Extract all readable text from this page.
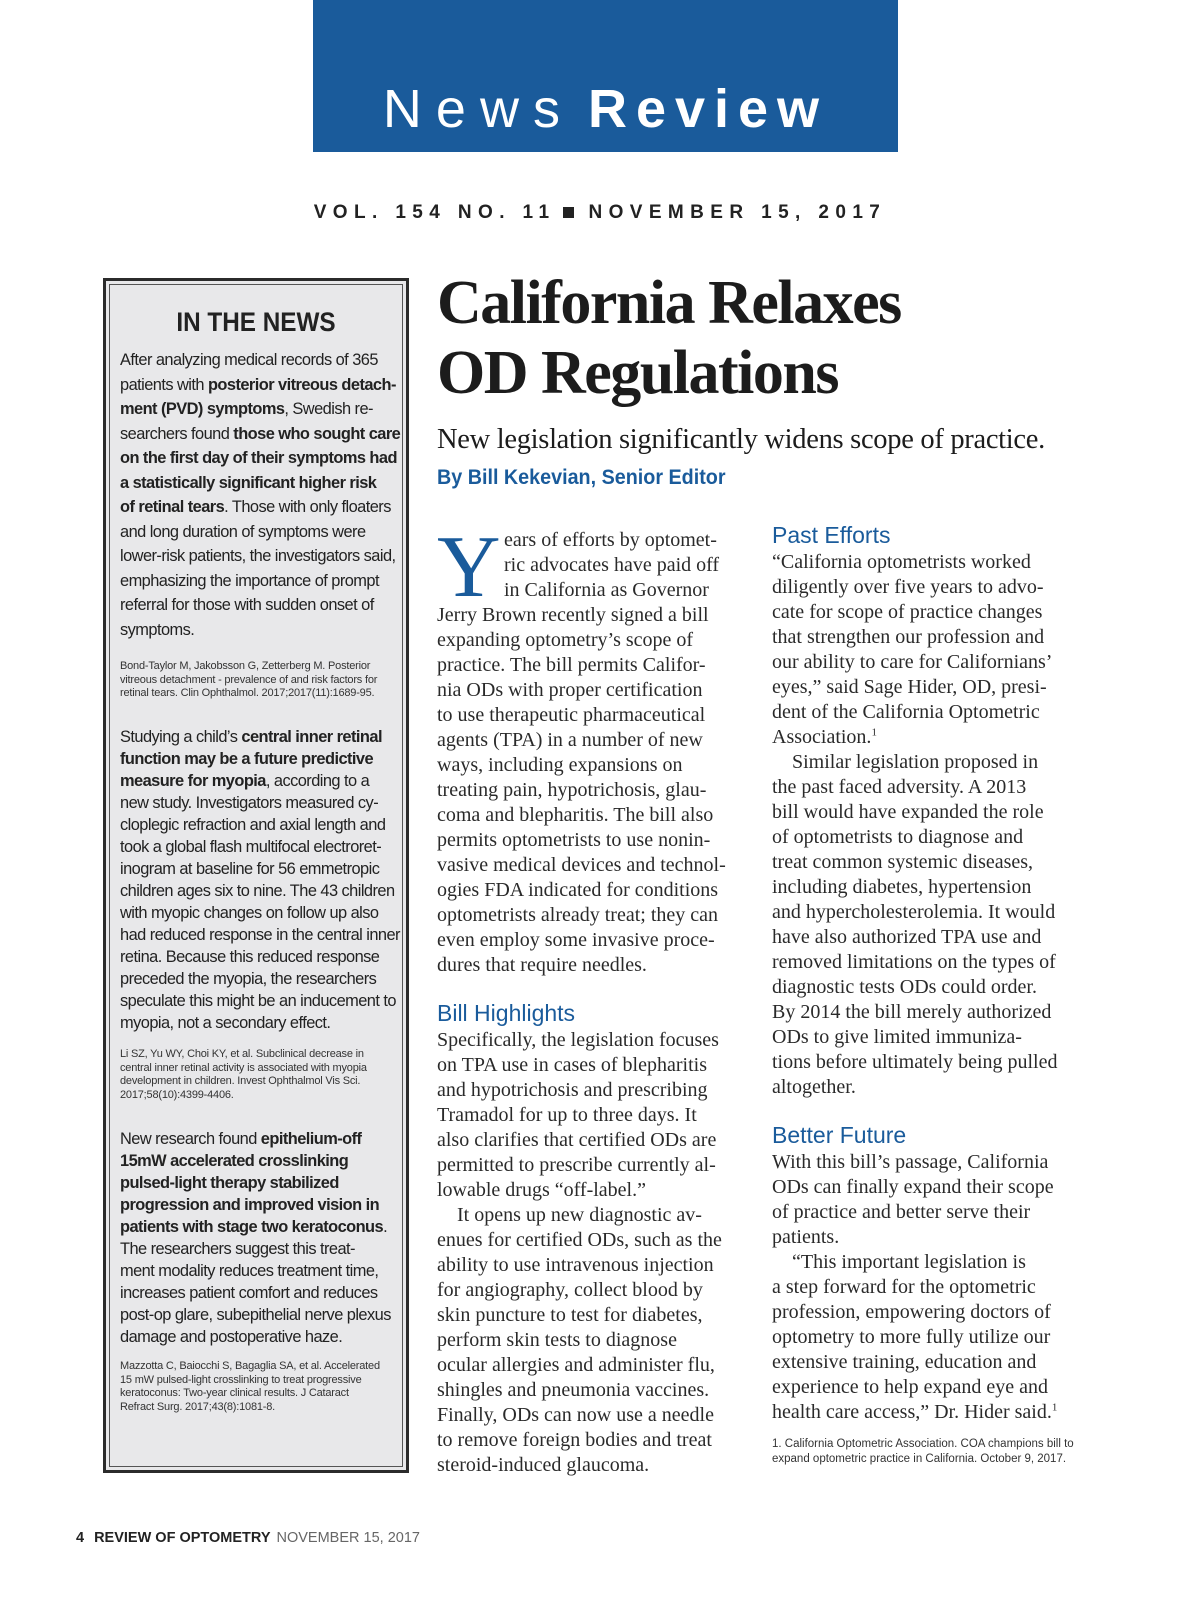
News Review
VOL. 154 NO. 11 NOVEMBER 15, 2017
IN THE NEWS
After analyzing medical records of 365
patients with posterior vitreous detach-
ment (PVD) symptoms, Swedish re-
searchers found those who sought care
on the first day of their symptoms had
a statistically significant higher risk
of retinal tears. Those with only floaters
and long duration of symptoms were
lower-risk patients, the investigators said,
emphasizing the importance of prompt
referral for those with sudden onset of
symptoms.
Bond-Taylor M, Jakobsson G, Zetterberg M. Posterior
vitreous detachment - prevalence of and risk factors for
retinal tears. Clin Ophthalmol. 2017;2017(11):1689-95.
Studying a child’s central inner retinal
function may be a future predictive
measure for myopia, according to a
new study. Investigators measured cy-
cloplegic refraction and axial length and
took a global flash multifocal electroret-
inogram at baseline for 56 emmetropic
children ages six to nine. The 43 children
with myopic changes on follow up also
had reduced response in the central inner
retina. Because this reduced response
preceded the myopia, the researchers
speculate this might be an inducement to
myopia, not a secondary effect.
Li SZ, Yu WY, Choi KY, et al. Subclinical decrease in
central inner retinal activity is associated with myopia
development in children. Invest Ophthalmol Vis Sci.
2017;58(10):4399-4406.
New research found epithelium-off
15mW accelerated crosslinking
pulsed-light therapy stabilized
progression and improved vision in
patients with stage two keratoconus.
The researchers suggest this treat-
ment modality reduces treatment time,
increases patient comfort and reduces
post-op glare, subepithelial nerve plexus
damage and postoperative haze.
Mazzotta C, Baiocchi S, Bagaglia SA, et al. Accelerated
15 mW pulsed-light crosslinking to treat progressive
keratoconus: Two-year clinical results. J Cataract
Refract Surg. 2017;43(8):1081-8.
California Relaxes
OD Regulations
New legislation significantly widens scope of practice.
By Bill Kekevian, Senior Editor
Y ears of efforts by optomet-
ric advocates have paid off
in California as Governor
Jerry Brown recently signed a bill
expanding optometry’s scope of
practice. The bill permits Califor-
nia ODs with proper certification
to use therapeutic pharmaceutical
agents (TPA) in a number of new
ways, including expansions on
treating pain, hypotrichosis, glau-
coma and blepharitis. The bill also
permits optometrists to use nonin-
vasive medical devices and technol-
ogies FDA indicated for conditions
optometrists already treat; they can
even employ some invasive proce-
dures that require needles.
Bill Highlights
Specifically, the legislation focuses
on TPA use in cases of blepharitis
and hypotrichosis and prescribing
Tramadol for up to three days. It
also clarifies that certified ODs are
permitted to prescribe currently al-
lowable drugs “off-label.”
It opens up new diagnostic av-
enues for certified ODs, such as the
ability to use intravenous injection
for angiography, collect blood by
skin puncture to test for diabetes,
perform skin tests to diagnose
ocular allergies and administer flu,
shingles and pneumonia vaccines.
Finally, ODs can now use a needle
to remove foreign bodies and treat
steroid-induced glaucoma.
Past Efforts
“California optometrists worked
diligently over five years to advo-
cate for scope of practice changes
that strengthen our profession and
our ability to care for Californians’
eyes,” said Sage Hider, OD, presi-
dent of the California Optometric
Association.$^1$
Similar legislation proposed in
the past faced adversity. A 2013
bill would have expanded the role
of optometrists to diagnose and
treat common systemic diseases,
including diabetes, hypertension
and hypercholesterolemia. It would
have also authorized TPA use and
removed limitations on the types of
diagnostic tests ODs could order.
By 2014 the bill merely authorized
ODs to give limited immuniza-
tions before ultimately being pulled
altogether.
Better Future
With this bill’s passage, California
ODs can finally expand their scope
of practice and better serve their
patients.
“This important legislation is
a step forward for the optometric
profession, empowering doctors of
optometry to more fully utilize our
extensive training, education and
experience to help expand eye and
health care access,” Dr. Hider said.$^1$
1. California Optometric Association. COA champions bill to
expand optometric practice in California. October 9, 2017.
4 REVIEW OF OPTOMETRY NOVEMBER 15, 2017
